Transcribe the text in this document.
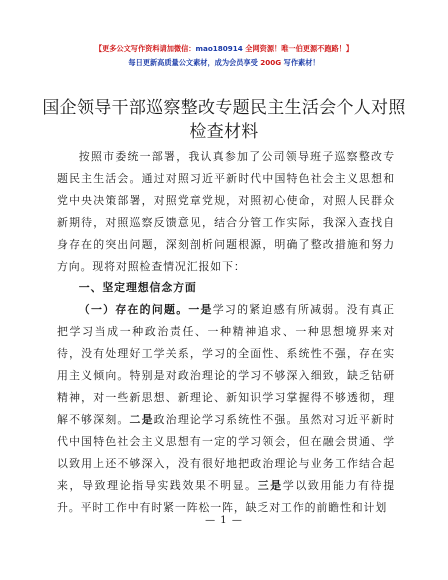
【更多公文写作资料请加微信：mao180914 全网资源！唯一伯更源不跑路！】
每日更新高质量公文素材，成为会员享受 200G 写作素材！
国企领导干部巡察整改专题民主生活会个人对照检查材料

按照市委统一部署，我认真参加了公司领导班子巡察整改专题民主生活会。通过对照习近平新时代中国特色社会主义思想和党中央决策部署，对照党章党规，对照初心使命，对照人民群众新期待，对照巡察反馈意见，结合分管工作实际，我深入查找自身存在的突出问题，深刻剖析问题根源，明确了整改措施和努力方向。现将对照检查情况汇报如下：

一、坚定理想信念方面

（一）存在的问题。一是学习的紧迫感有所减弱。没有真正把学习当成一种政治责任、一种精神追求、一种思想境界来对待，没有处理好工学关系，学习的全面性、系统性不强，存在实用主义倾向。特别是对政治理论的学习不够深入细致，缺乏钻研精神，对一些新思想、新理论、新知识学习掌握得不够透彻，理解不够深刻。二是政治理论学习系统性不强。虽然对习近平新时代中国特色社会主义思想有一定的学习领会，但在融会贯通、学以致用上还不够深入，没有很好地把政治理论与业务工作结合起来，导致理论指导实践效果不明显。三是学以致用能力有待提升。平时工作中有时紧一阵松一阵，缺乏对工作的前瞻性和计划

— 1 —
